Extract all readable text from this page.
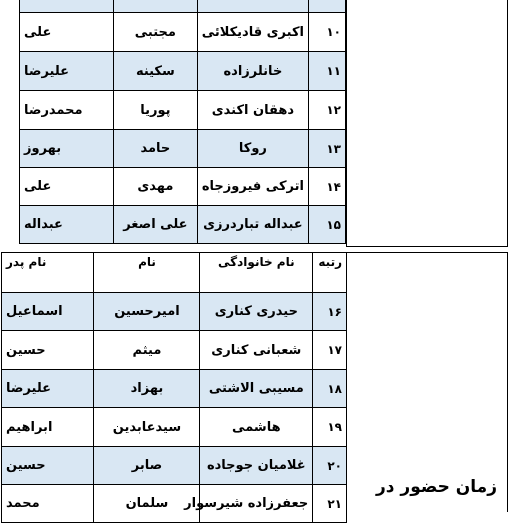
۱۰	اکبری قادیکلائی	مجتبی	علی
۱۱	خانلرزاده	سکینه	علیرضا
۱۲	دهقان اکندی	پوریا	محمدرضا
۱۳	روکا	حامد	بهروز
۱۴	اترکی فیروزجاه	مهدی	علی
۱۵	عبداله تباردرزی	علی اصغر	عبداله
رتبه	نام خانوادگی	نام	نام پدر
۱۶	حیدری کناری	امیرحسین	اسماعیل
۱۷	شعبانی کناری	میثم	حسین
۱۸	مسیبی الاشتی	بهزاد	علیرضا
۱۹	هاشمی	سیدعابدین	ابراهیم
۲۰	غلامیان جوجاده	صابر	حسین
۲۱	جعفرزاده شیرسوار	سلمان	محمد
زمان حضور در
